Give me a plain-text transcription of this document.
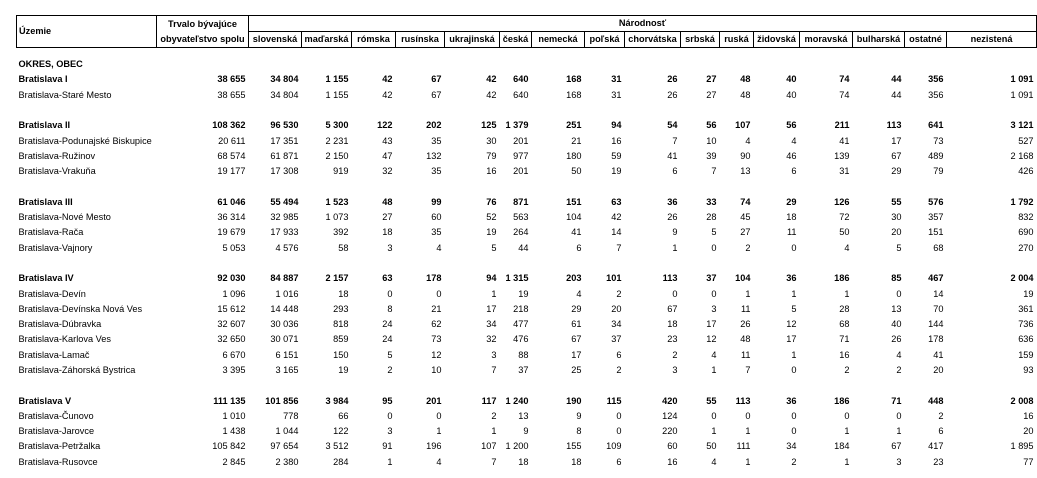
Územie	Trvalo bývajúce
obyvateľstvo spolu	Národnosť															
		slovenská	maďarská	rómska	rusínska	ukrajinská	česká	nemecká	poľská	chorvátska	srbská	ruská	židovská	moravská	bulharská	ostatné	nezistená

OKRES, OBEC																	
Bratislava I	38 655	34 804	1 155	42	67	42	640	168	31	26	27	48	40	74	44	356	1 091
Bratislava-Staré Mesto	38 655	34 804	1 155	42	67	42	640	168	31	26	27	48	40	74	44	356	1 091

Bratislava II	108 362	96 530	5 300	122	202	125	1 379	251	94	54	56	107	56	211	113	641	3 121
Bratislava-Podunajské Biskupice	20 611	17 351	2 231	43	35	30	201	21	16	7	10	4	4	41	17	73	527
Bratislava-Ružinov	68 574	61 871	2 150	47	132	79	977	180	59	41	39	90	46	139	67	489	2 168
Bratislava-Vrakuňa	19 177	17 308	919	32	35	16	201	50	19	6	7	13	6	31	29	79	426

Bratislava III	61 046	55 494	1 523	48	99	76	871	151	63	36	33	74	29	126	55	576	1 792
Bratislava-Nové Mesto	36 314	32 985	1 073	27	60	52	563	104	42	26	28	45	18	72	30	357	832
Bratislava-Rača	19 679	17 933	392	18	35	19	264	41	14	9	5	27	11	50	20	151	690
Bratislava-Vajnory	5 053	4 576	58	3	4	5	44	6	7	1	0	2	0	4	5	68	270

Bratislava IV	92 030	84 887	2 157	63	178	94	1 315	203	101	113	37	104	36	186	85	467	2 004
Bratislava-Devín	1 096	1 016	18	0	0	1	19	4	2	0	0	1	1	1	0	14	19
Bratislava-Devínska Nová Ves	15 612	14 448	293	8	21	17	218	29	20	67	3	11	5	28	13	70	361
Bratislava-Dúbravka	32 607	30 036	818	24	62	34	477	61	34	18	17	26	12	68	40	144	736
Bratislava-Karlova Ves	32 650	30 071	859	24	73	32	476	67	37	23	12	48	17	71	26	178	636
Bratislava-Lamač	6 670	6 151	150	5	12	3	88	17	6	2	4	11	1	16	4	41	159
Bratislava-Záhorská Bystrica	3 395	3 165	19	2	10	7	37	25	2	3	1	7	0	2	2	20	93

Bratislava V	111 135	101 856	3 984	95	201	117	1 240	190	115	420	55	113	36	186	71	448	2 008
Bratislava-Čunovo	1 010	778	66	0	0	2	13	9	0	124	0	0	0	0	0	2	16
Bratislava-Jarovce	1 438	1 044	122	3	1	1	9	8	0	220	1	1	0	1	1	6	20
Bratislava-Petržalka	105 842	97 654	3 512	91	196	107	1 200	155	109	60	50	111	34	184	67	417	1 895
Bratislava-Rusovce	2 845	2 380	284	1	4	7	18	18	6	16	4	1	2	1	3	23	77
